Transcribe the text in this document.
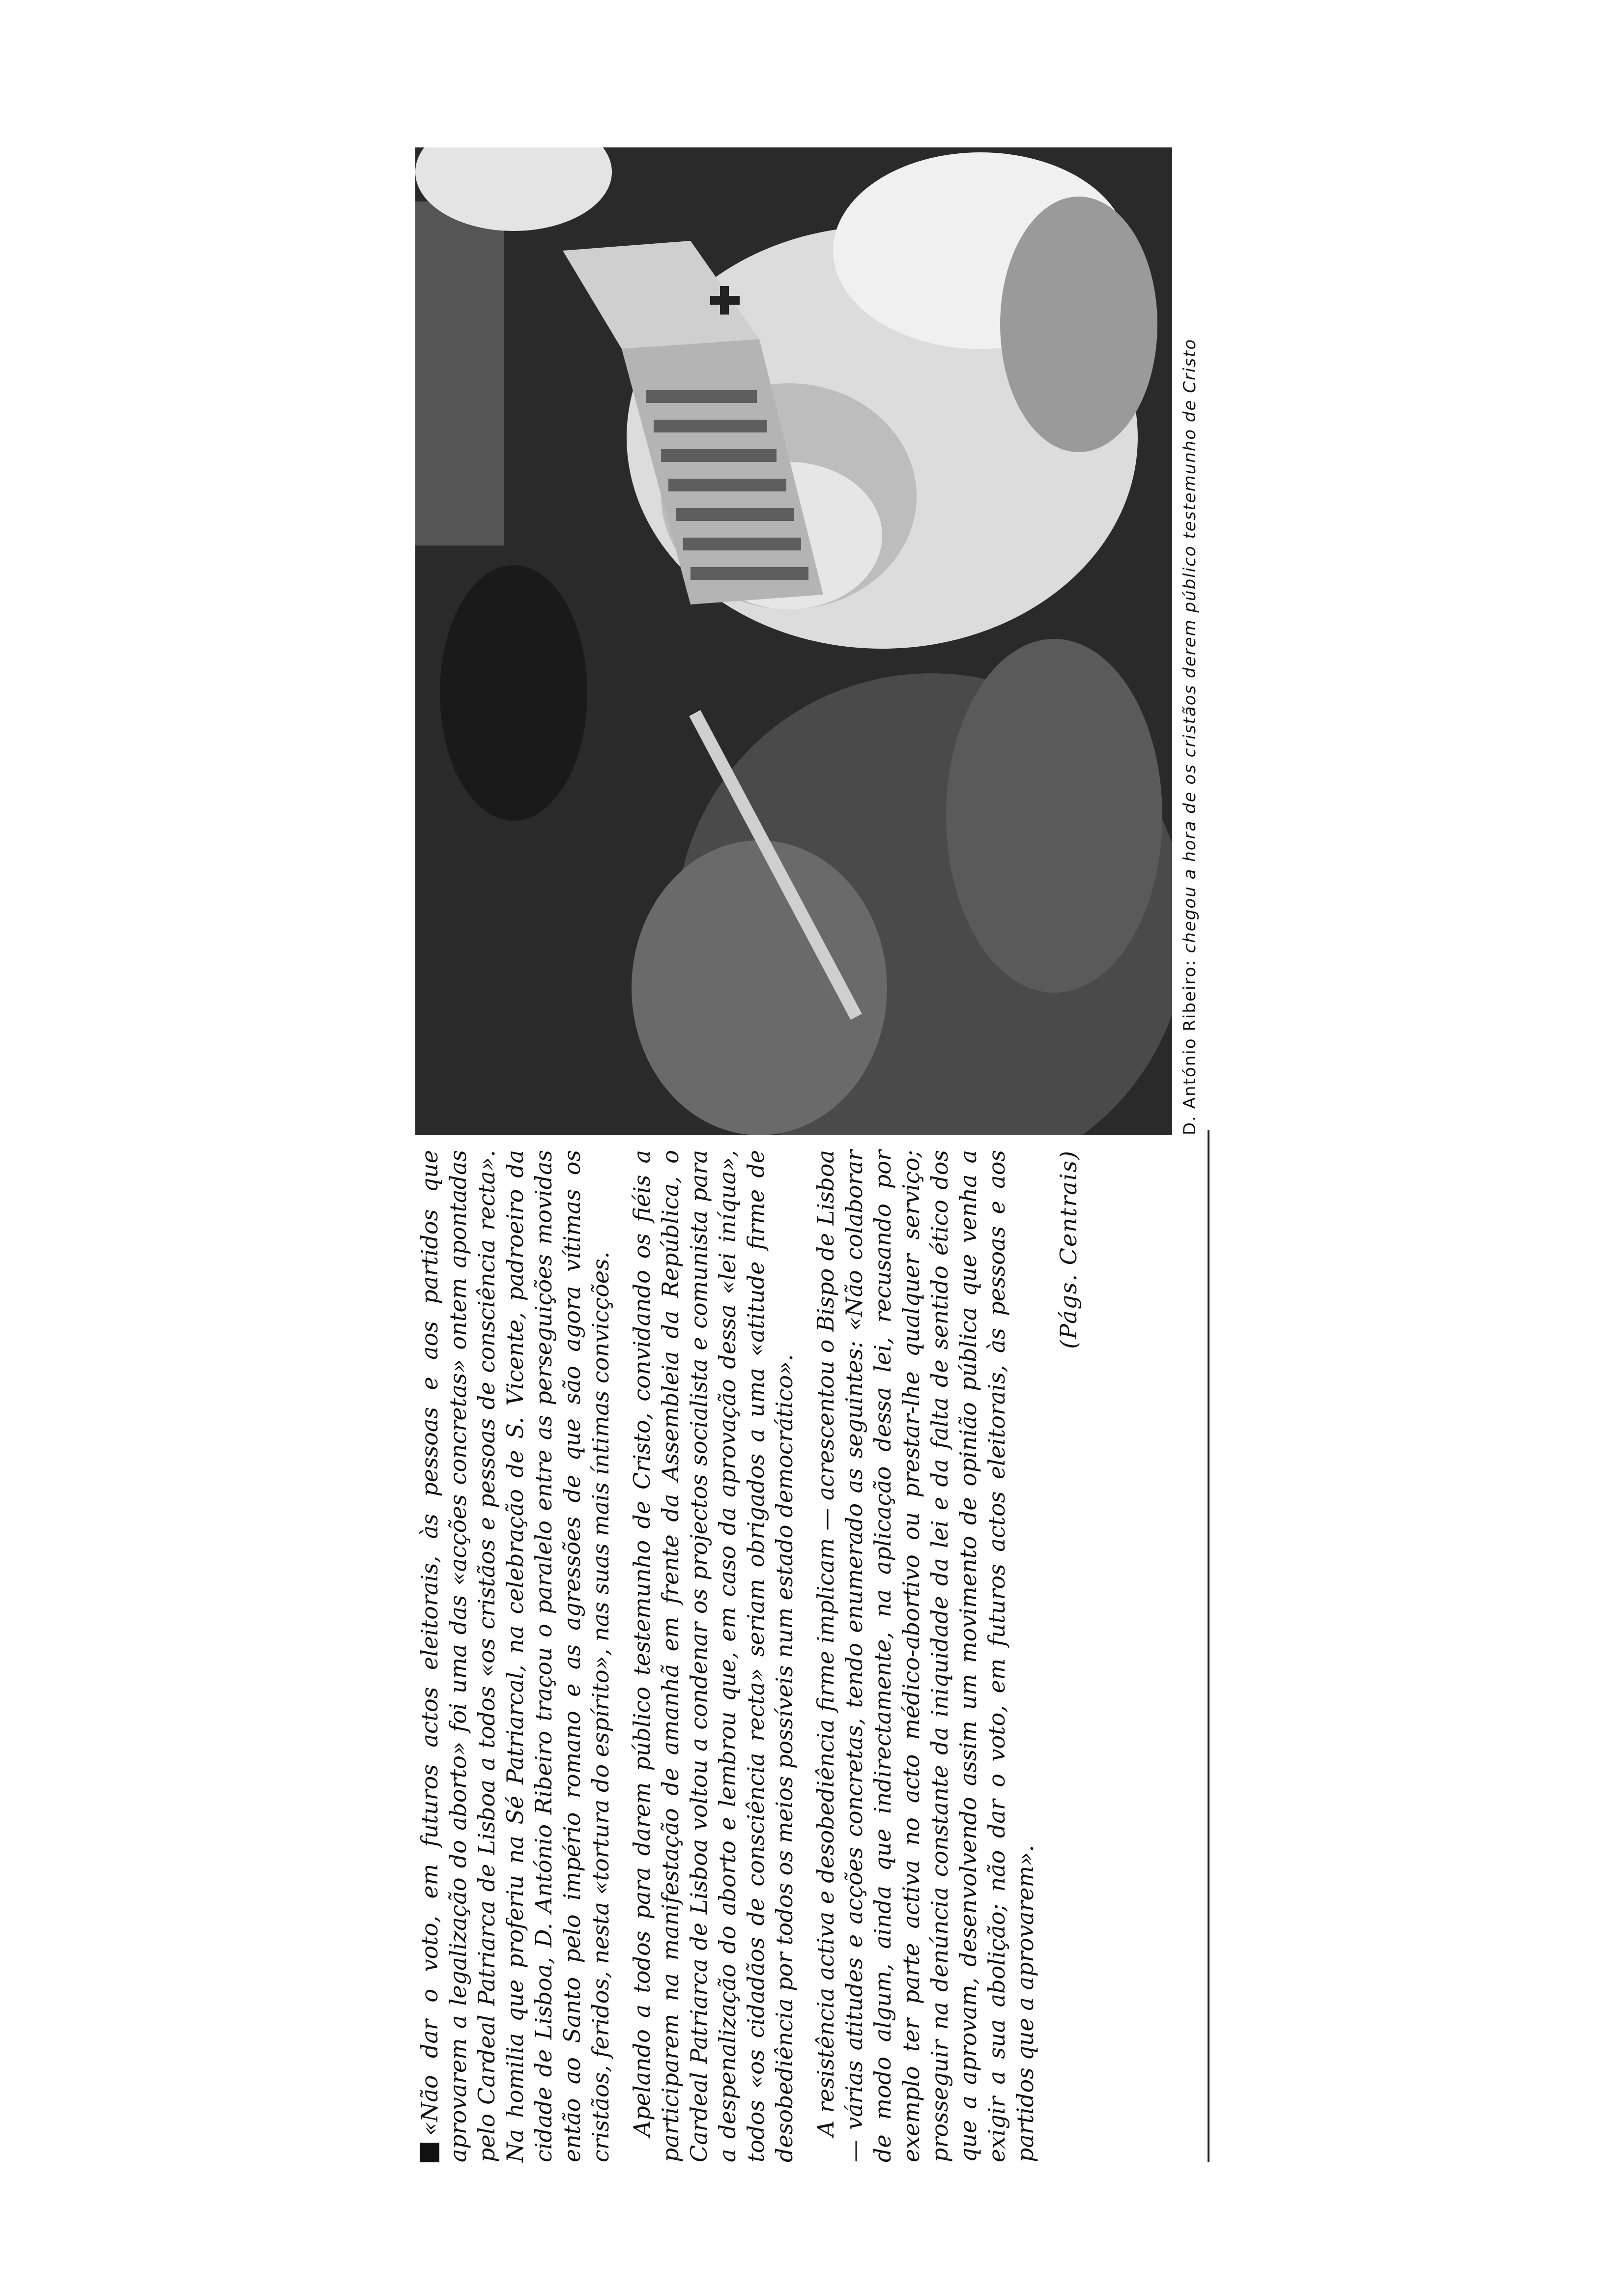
«Não dar o voto, em futuros actos eleitorais, às pessoas e aos partidos que aprovarem a legalização do aborto» foi uma das «acções concretas» ontem apontadas pelo Cardeal Patriarca de Lisboa a todos «os cristãos e pessoas de consciência recta». Na homilia que proferiu na Sé Patriarcal, na celebração de S. Vicente, padroeiro da cidade de Lisboa, D. António Ribeiro traçou o paralelo entre as perseguições movidas então ao Santo pelo império romano e as agressões de que são agora vítimas os cristãos, feridos, nesta «tortura do espírito», nas suas mais íntimas convicções. Apelando a todos para darem público testemunho de Cristo, convidando os fiéis a participarem na manifestação de amanhã em frente da Assembleia da República, o Cardeal Patriarca de Lisboa voltou a condenar os projectos socialista e comunista para a despenalização do aborto e lembrou que, em caso da aprovação dessa «lei iníqua», todos «os cidadãos de consciência recta» seriam obrigados a uma «atitude firme de desobediência por todos os meios possíveis num estado democrático». A resistência activa e desobediência firme implicam — acrescentou o Bispo de Lisboa — várias atitudes e acções concretas, tendo enumerado as seguintes: «Não colaborar de modo algum, ainda que indirectamente, na aplicação dessa lei, recusando por exemplo ter parte activa no acto médico-abortivo ou prestar-lhe qualquer serviço; prosseguir na denúncia constante da iniquidade da lei e da falta de sentido ético dos que a aprovam, desenvolvendo assim um movimento de opinião pública que venha a exigir a sua abolição; não dar o voto, em futuros actos eleitorais, às pessoas e aos partidos que a aprovarem».

(Págs. Centrais)
D. António Ribeiro: chegou a hora de os cristãos derem público testemunho de Cristo
